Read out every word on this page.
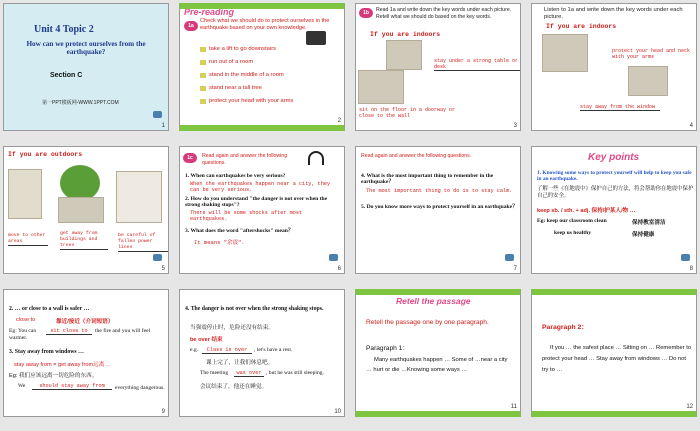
Unit 4 Topic 2
How can we protect ourselves from the earthquake?
Section C
第一PPT模板网-WWW.1PPT.COM
1
Pre-reading
1a
Check what we should do to protect ourselves in the earthquake based on your own knowledge.
take a lift to go downstairs
run out of a room
stand in the middle of a room
stand near a tall tree
protect your head with your arms
2
1b	Read 1a and write down the key words under each picture. Retell what we should do based on the key words.
If you are indoors
stay under a strong table or desk
sit on the floor in a doorway or close to the wall
3
Listen to 1a and write down the key words under each picture.
If you are indoors
protect your head and neck with your arms
stay away from the window
4
If you are outdoors
move to other areas
get away from buildings and trees
be careful of fallen power lines
5
1c	Read again and answer the following questions.
1. When can earthquakes be very serious?
When the earthquakes happen near a city, they can be very serious.
2. How do you understand "the danger is not over when the strong shaking stops"?
There will be some shocks after most earthquakes.
3. What does the word "aftershocks" mean？
It means "余震".
6
Read again and answer the following questions.
4. What is the most important thing to remember in the earthquake？
The most important thing to do is to stay calm.
5. Do you know more ways to protect yourself in an earthquake？
7
Key points
1. Knowing some ways to protect yourself will help to keep you safe in an earthquake.
了解一些《在地震中》保护自己的方法，将会帮助你在地震中保护自己的安全。
keep sb. / sth. + adj. 保持/护某人/物 …
Eg: keep our classroom clean	保持教室清洁
keep us healthy	保持健康
8
2. … or close to a wall is safer …
close to	靠近/接近（介词短语）
Eg: You can	sit close to	the fire and you will feel warmer.
3. Stay away from windows …
stay away from = get away from远离…
Eg: 我们应该远离一切危险的东西。
We	should stay away from	everything dangerous.
9
4. The danger is not over when the strong shaking stops.
当强震停止时，危险还没有结束。
be over 结束
e.g.	Class is over	, let's have a rest.
课上完了，让我们休息吧。
The meeting	was over , but he was still sleeping.
会议结束了，他还在睡觉。
10
Retell the passage
Retell the passage one by one paragraph.
Paragraph 1：
Many earthquakes happen … Some of …near a city … hurt or die …Knowing some ways …
11
Paragraph 2：
If you … the safest place … Sitting on … Remember to protect your head … Stay away from windows … Do not try to …
12
